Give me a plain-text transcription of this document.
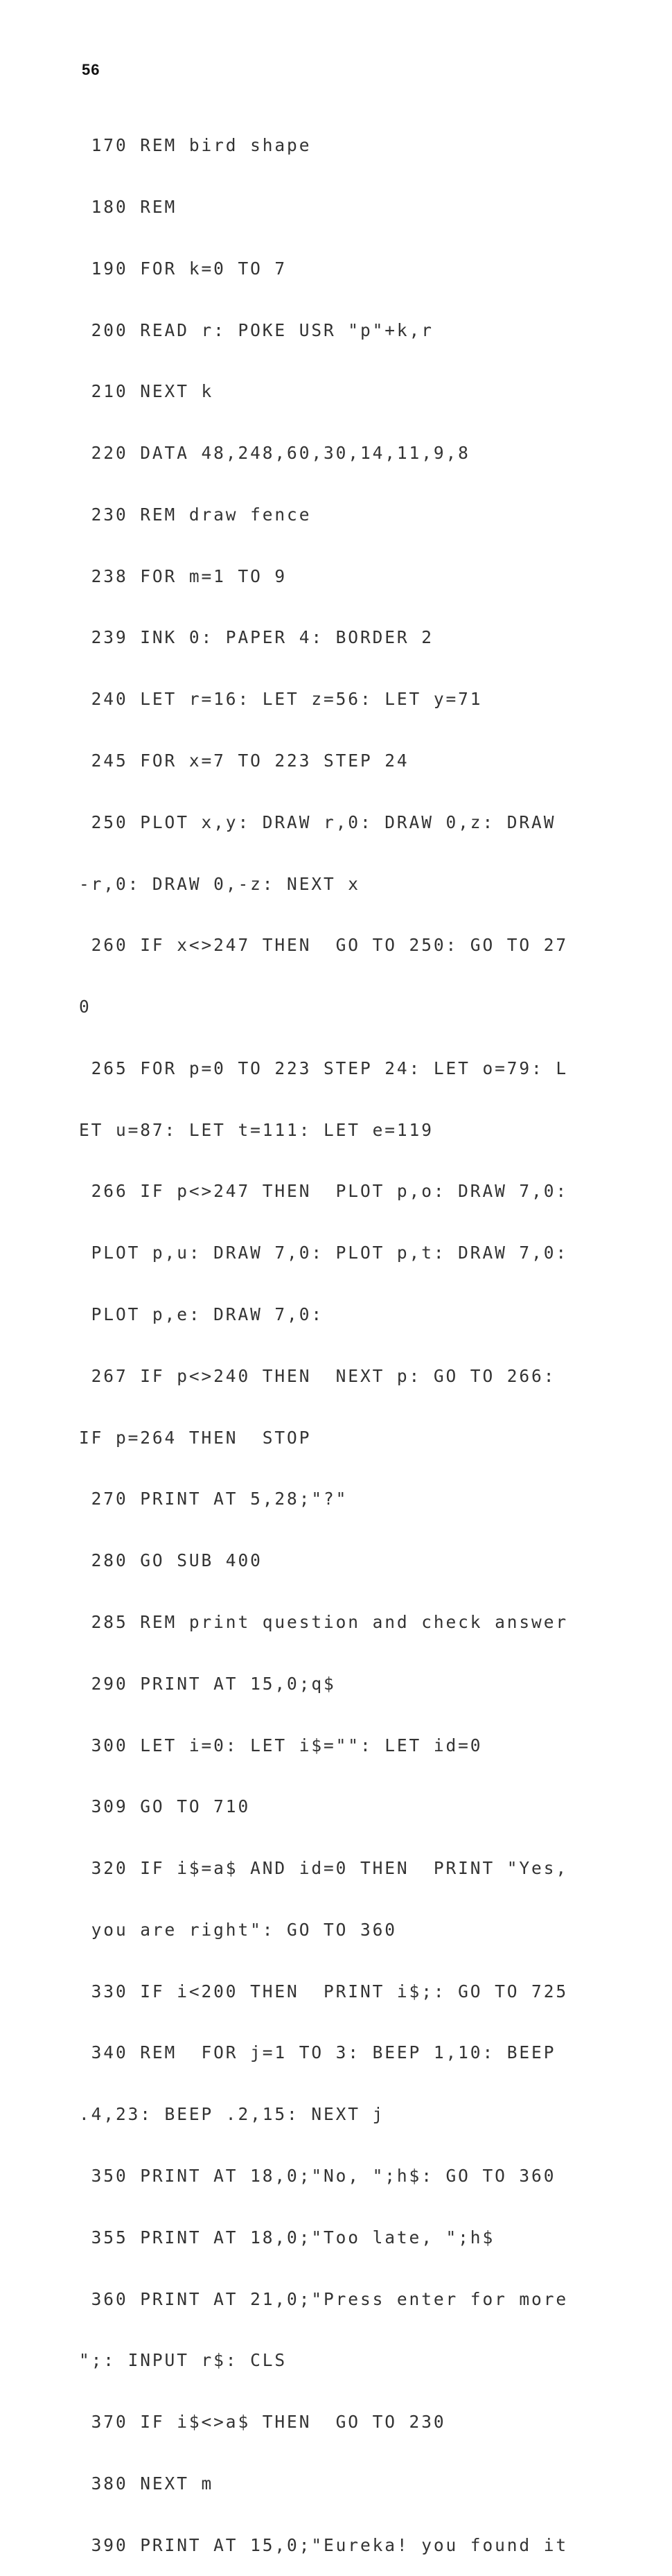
56

170 REM bird shape

180 REM

190 FOR k=0 TO 7

200 READ r: POKE USR "p"+k,r

210 NEXT k

220 DATA 48,248,60,30,14,11,9,8

230 REM draw fence

238 FOR m=1 TO 9

239 INK 0: PAPER 4: BORDER 2

240 LET r=16: LET z=56: LET y=71

245 FOR x=7 TO 223 STEP 24

250 PLOT x,y: DRAW r,0: DRAW 0,z: DRAW

-r,0: DRAW 0,-z: NEXT x

260 IF x<>247 THEN  GO TO 250: GO TO 27

0

265 FOR p=0 TO 223 STEP 24: LET o=79: L

ET u=87: LET t=111: LET e=119

266 IF p<>247 THEN  PLOT p,o: DRAW 7,0:

PLOT p,u: DRAW 7,0: PLOT p,t: DRAW 7,0:

PLOT p,e: DRAW 7,0:

267 IF p<>240 THEN  NEXT p: GO TO 266:

IF p=264 THEN  STOP

270 PRINT AT 5,28;"?"

280 GO SUB 400

285 REM print question and check answer

290 PRINT AT 15,0;q$

300 LET i=0: LET i$="": LET id=0

309 GO TO 710

320 IF i$=a$ AND id=0 THEN  PRINT "Yes,

you are right": GO TO 360

330 IF i<200 THEN  PRINT i$;: GO TO 725

340 REM  FOR j=1 TO 3: BEEP 1,10: BEEP

.4,23: BEEP .2,15: NEXT j

350 PRINT AT 18,0;"No, ";h$: GO TO 360

355 PRINT AT 18,0;"Too late, ";h$

360 PRINT AT 21,0;"Press enter for more

";: INPUT r$: CLS

370 IF i$<>a$ THEN  GO TO 230

380 NEXT m

390 PRINT AT 15,0;"Eureka! you found it
